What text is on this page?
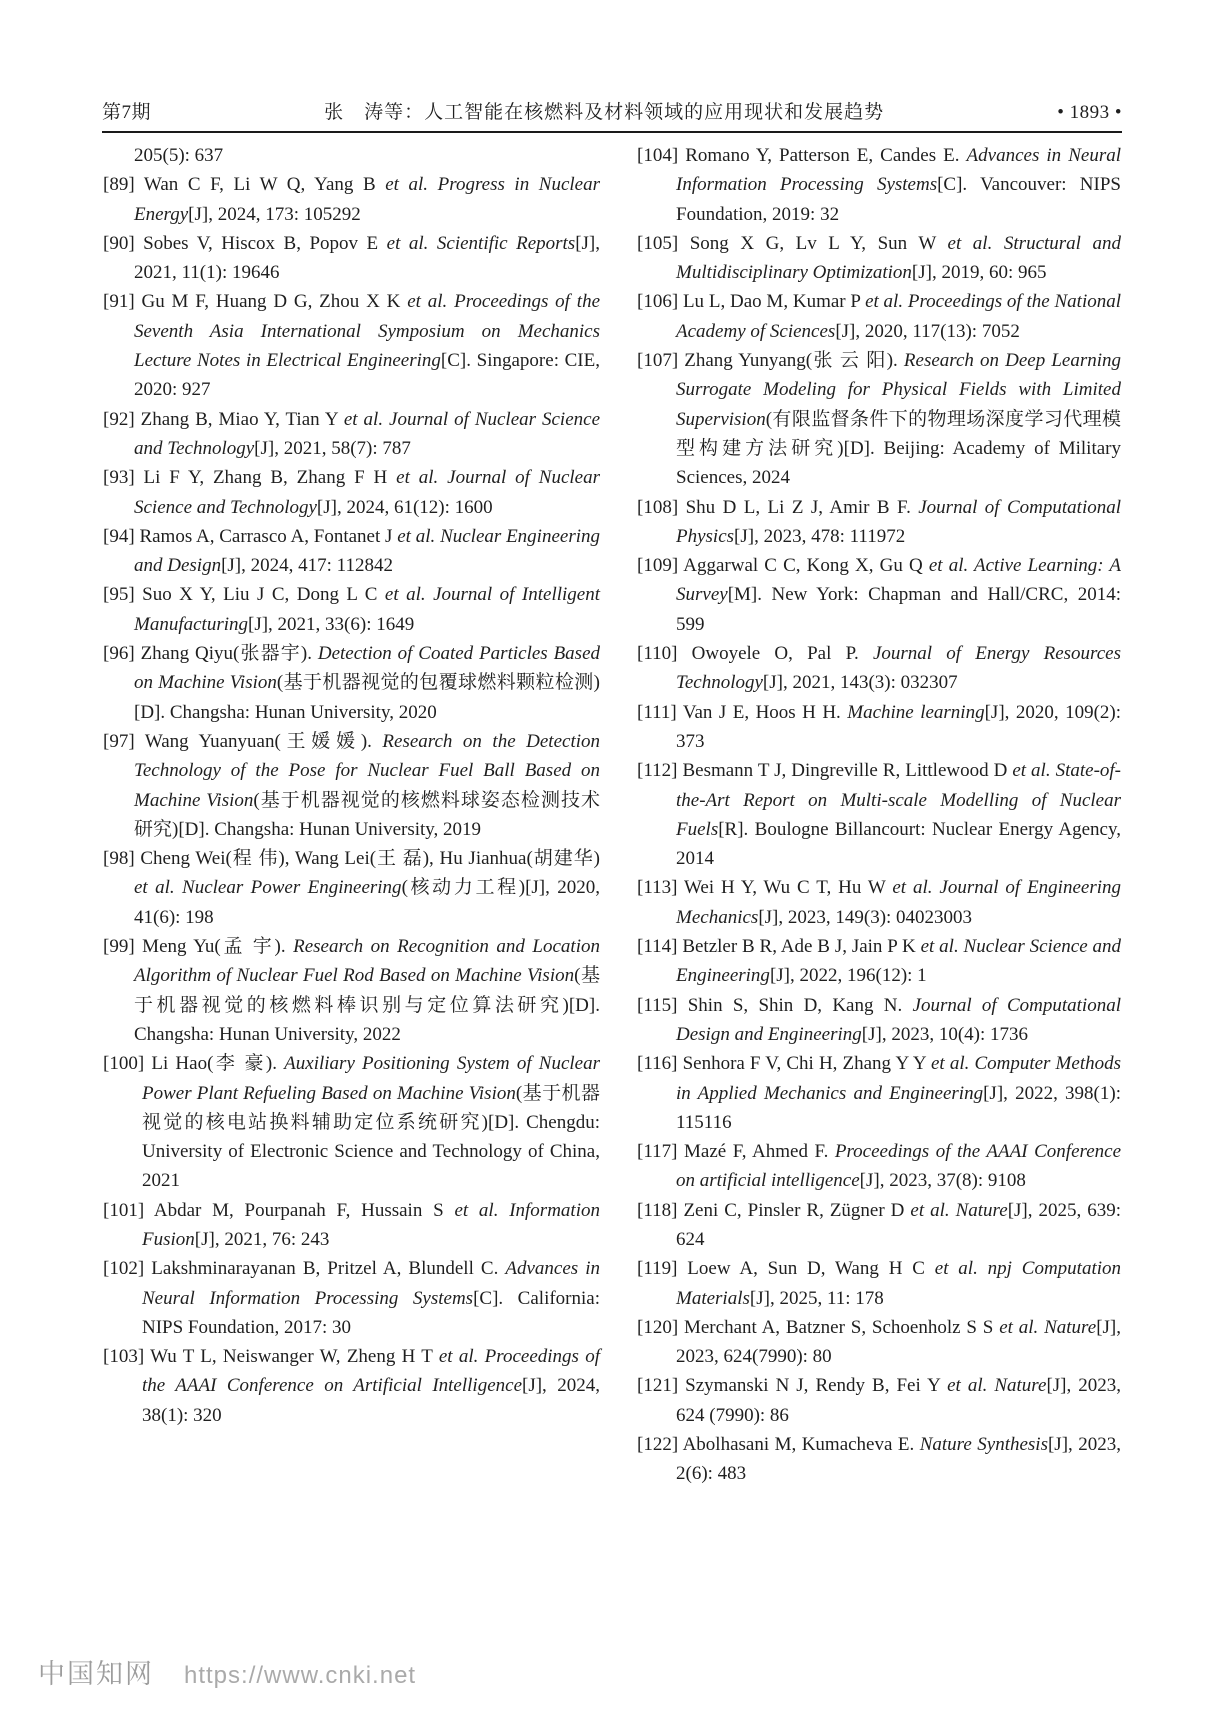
第7期	张　涛等：人工智能在核燃料及材料领域的应用现状和发展趋势	• 1893 •
205(5): 637
[89] Wan C F, Li W Q, Yang B et al. Progress in Nuclear Energy[J], 2024, 173: 105292
[90] Sobes V, Hiscox B, Popov E et al. Scientific Reports[J], 2021, 11(1): 19646
[91] Gu M F, Huang D G, Zhou X K et al. Proceedings of the Seventh Asia International Symposium on Mechanics Lecture Notes in Electrical Engineering[C]. Singapore: CIE, 2020: 927
[92] Zhang B, Miao Y, Tian Y et al. Journal of Nuclear Science and Technology[J], 2021, 58(7): 787
[93] Li F Y, Zhang B, Zhang F H et al. Journal of Nuclear Science and Technology[J], 2024, 61(12): 1600
[94] Ramos A, Carrasco A, Fontanet J et al. Nuclear Engineering and Design[J], 2024, 417: 112842
[95] Suo X Y, Liu J C, Dong L C et al. Journal of Intelligent Manufacturing[J], 2021, 33(6): 1649
[96] Zhang Qiyu(张器宇). Detection of Coated Particles Based on Machine Vision(基于机器视觉的包覆球燃料颗粒检测)[D]. Changsha: Hunan University, 2020
[97] Wang Yuanyuan(王媛媛). Research on the Detection Technology of the Pose for Nuclear Fuel Ball Based on Machine Vision(基于机器视觉的核燃料球姿态检测技术研究)[D]. Changsha: Hunan University, 2019
[98] Cheng Wei(程 伟), Wang Lei(王 磊), Hu Jianhua(胡建华) et al. Nuclear Power Engineering(核动力工程)[J], 2020, 41(6): 198
[99] Meng Yu(孟 宇). Research on Recognition and Location Algorithm of Nuclear Fuel Rod Based on Machine Vision(基于机器视觉的核燃料棒识别与定位算法研究)[D]. Changsha: Hunan University, 2022
[100] Li Hao(李 豪). Auxiliary Positioning System of Nuclear Power Plant Refueling Based on Machine Vision(基于机器视觉的核电站换料辅助定位系统研究)[D]. Chengdu: University of Electronic Science and Technology of China, 2021
[101] Abdar M, Pourpanah F, Hussain S et al. Information Fusion[J], 2021, 76: 243
[102] Lakshminarayanan B, Pritzel A, Blundell C. Advances in Neural Information Processing Systems[C]. California: NIPS Foundation, 2017: 30
[103] Wu T L, Neiswanger W, Zheng H T et al. Proceedings of the AAAI Conference on Artificial Intelligence[J], 2024, 38(1): 320
[104] Romano Y, Patterson E, Candes E. Advances in Neural Information Processing Systems[C]. Vancouver: NIPS Foundation, 2019: 32
[105] Song X G, Lv L Y, Sun W et al. Structural and Multidisciplinary Optimization[J], 2019, 60: 965
[106] Lu L, Dao M, Kumar P et al. Proceedings of the National Academy of Sciences[J], 2020, 117(13): 7052
[107] Zhang Yunyang(张 云 阳). Research on Deep Learning Surrogate Modeling for Physical Fields with Limited Supervision(有限监督条件下的物理场深度学习代理模型构建方法研究)[D]. Beijing: Academy of Military Sciences, 2024
[108] Shu D L, Li Z J, Amir B F. Journal of Computational Physics[J], 2023, 478: 111972
[109] Aggarwal C C, Kong X, Gu Q et al. Active Learning: A Survey[M]. New York: Chapman and Hall/CRC, 2014: 599
[110] Owoyele O, Pal P. Journal of Energy Resources Technology[J], 2021, 143(3): 032307
[111] Van J E, Hoos H H. Machine learning[J], 2020, 109(2): 373
[112] Besmann T J, Dingreville R, Littlewood D et al. State-of-the-Art Report on Multi-scale Modelling of Nuclear Fuels[R]. Boulogne Billancourt: Nuclear Energy Agency, 2014
[113] Wei H Y, Wu C T, Hu W et al. Journal of Engineering Mechanics[J], 2023, 149(3): 04023003
[114] Betzler B R, Ade B J, Jain P K et al. Nuclear Science and Engineering[J], 2022, 196(12): 1
[115] Shin S, Shin D, Kang N. Journal of Computational Design and Engineering[J], 2023, 10(4): 1736
[116] Senhora F V, Chi H, Zhang Y Y et al. Computer Methods in Applied Mechanics and Engineering[J], 2022, 398(1): 115116
[117] Mazé F, Ahmed F. Proceedings of the AAAI Conference on artificial intelligence[J], 2023, 37(8): 9108
[118] Zeni C, Pinsler R, Zügner D et al. Nature[J], 2025, 639: 624
[119] Loew A, Sun D, Wang H C et al. npj Computation Materials[J], 2025, 11: 178
[120] Merchant A, Batzner S, Schoenholz S S et al. Nature[J], 2023, 624(7990): 80
[121] Szymanski N J, Rendy B, Fei Y et al. Nature[J], 2023, 624 (7990): 86
[122] Abolhasani M, Kumacheva E. Nature Synthesis[J], 2023, 2(6): 483
中国知网 https://www.cnki.net
